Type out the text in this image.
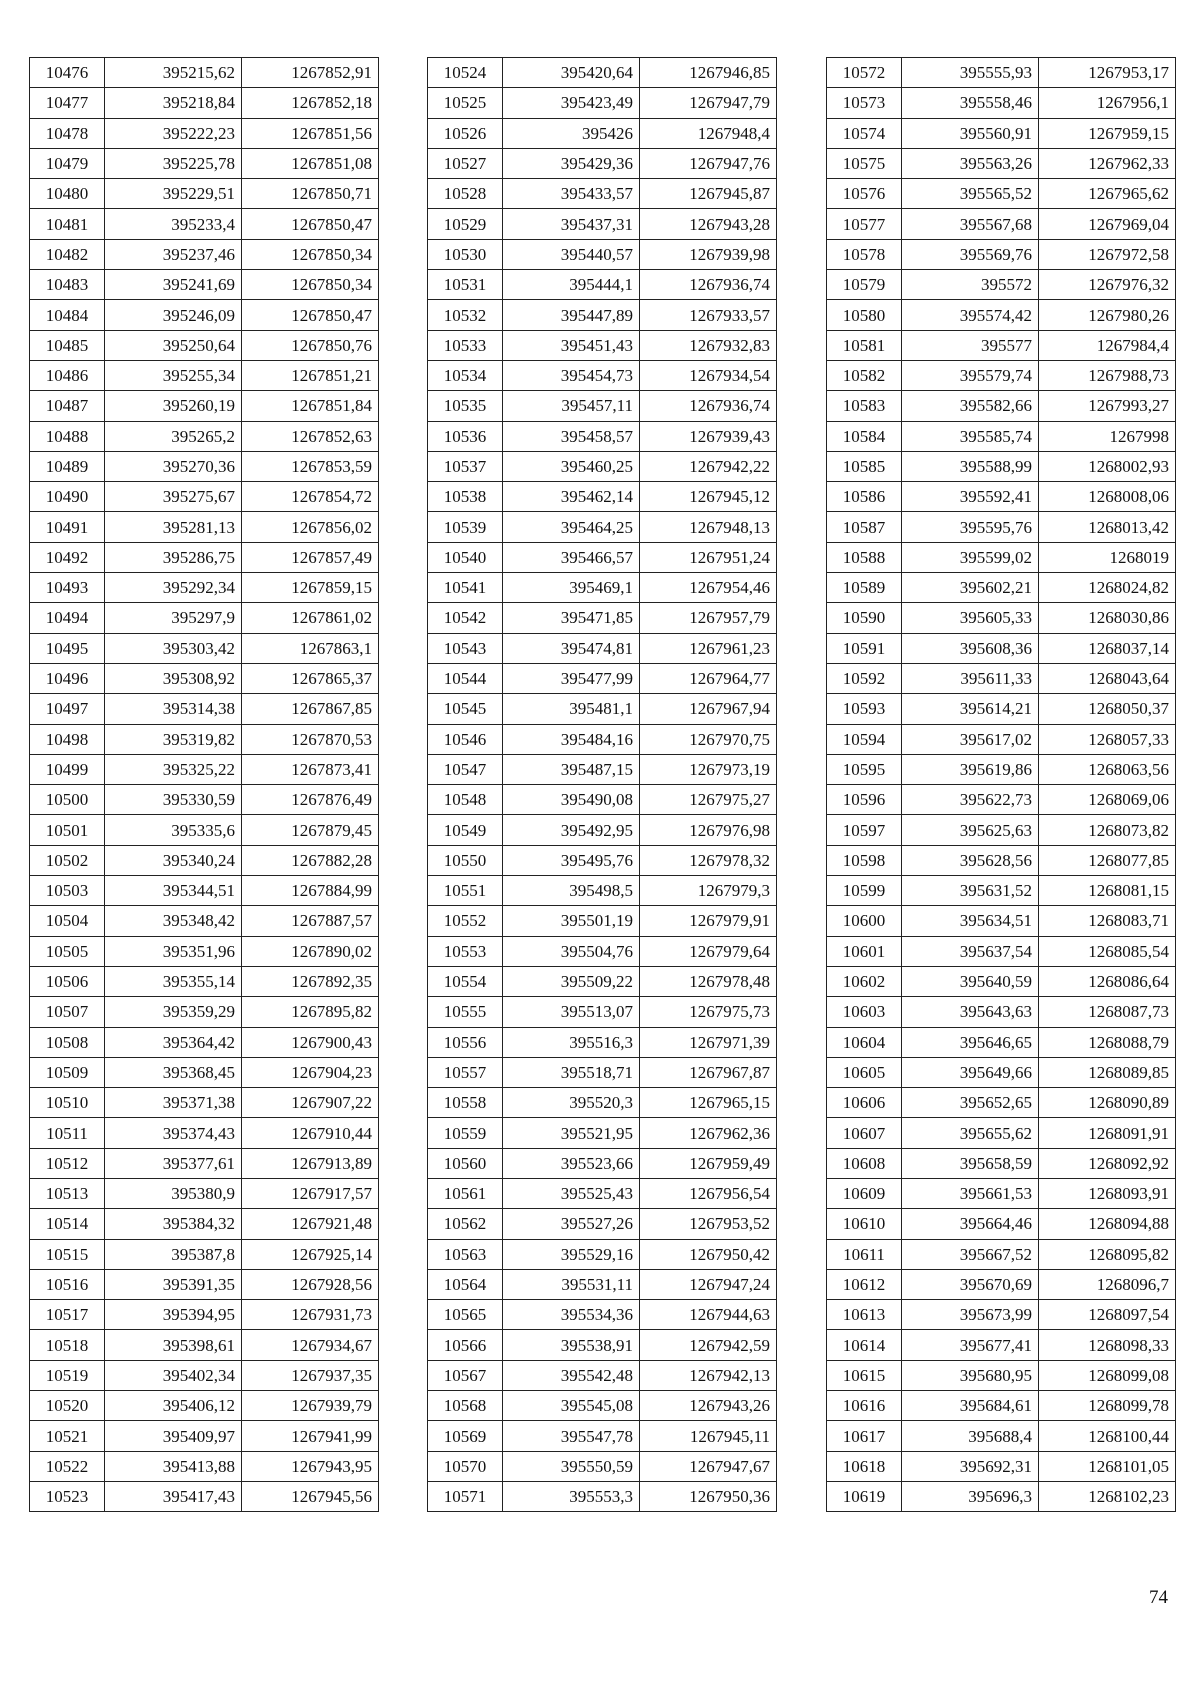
10476	395215,62	1267852,91
10477	395218,84	1267852,18
10478	395222,23	1267851,56
10479	395225,78	1267851,08
10480	395229,51	1267850,71
10481	395233,4	1267850,47
10482	395237,46	1267850,34
10483	395241,69	1267850,34
10484	395246,09	1267850,47
10485	395250,64	1267850,76
10486	395255,34	1267851,21
10487	395260,19	1267851,84
10488	395265,2	1267852,63
10489	395270,36	1267853,59
10490	395275,67	1267854,72
10491	395281,13	1267856,02
10492	395286,75	1267857,49
10493	395292,34	1267859,15
10494	395297,9	1267861,02
10495	395303,42	1267863,1
10496	395308,92	1267865,37
10497	395314,38	1267867,85
10498	395319,82	1267870,53
10499	395325,22	1267873,41
10500	395330,59	1267876,49
10501	395335,6	1267879,45
10502	395340,24	1267882,28
10503	395344,51	1267884,99
10504	395348,42	1267887,57
10505	395351,96	1267890,02
10506	395355,14	1267892,35
10507	395359,29	1267895,82
10508	395364,42	1267900,43
10509	395368,45	1267904,23
10510	395371,38	1267907,22
10511	395374,43	1267910,44
10512	395377,61	1267913,89
10513	395380,9	1267917,57
10514	395384,32	1267921,48
10515	395387,8	1267925,14
10516	395391,35	1267928,56
10517	395394,95	1267931,73
10518	395398,61	1267934,67
10519	395402,34	1267937,35
10520	395406,12	1267939,79
10521	395409,97	1267941,99
10522	395413,88	1267943,95
10523	395417,43	1267945,56
10524	395420,64	1267946,85
10525	395423,49	1267947,79
10526	395426	1267948,4
10527	395429,36	1267947,76
10528	395433,57	1267945,87
10529	395437,31	1267943,28
10530	395440,57	1267939,98
10531	395444,1	1267936,74
10532	395447,89	1267933,57
10533	395451,43	1267932,83
10534	395454,73	1267934,54
10535	395457,11	1267936,74
10536	395458,57	1267939,43
10537	395460,25	1267942,22
10538	395462,14	1267945,12
10539	395464,25	1267948,13
10540	395466,57	1267951,24
10541	395469,1	1267954,46
10542	395471,85	1267957,79
10543	395474,81	1267961,23
10544	395477,99	1267964,77
10545	395481,1	1267967,94
10546	395484,16	1267970,75
10547	395487,15	1267973,19
10548	395490,08	1267975,27
10549	395492,95	1267976,98
10550	395495,76	1267978,32
10551	395498,5	1267979,3
10552	395501,19	1267979,91
10553	395504,76	1267979,64
10554	395509,22	1267978,48
10555	395513,07	1267975,73
10556	395516,3	1267971,39
10557	395518,71	1267967,87
10558	395520,3	1267965,15
10559	395521,95	1267962,36
10560	395523,66	1267959,49
10561	395525,43	1267956,54
10562	395527,26	1267953,52
10563	395529,16	1267950,42
10564	395531,11	1267947,24
10565	395534,36	1267944,63
10566	395538,91	1267942,59
10567	395542,48	1267942,13
10568	395545,08	1267943,26
10569	395547,78	1267945,11
10570	395550,59	1267947,67
10571	395553,3	1267950,36
10572	395555,93	1267953,17
10573	395558,46	1267956,1
10574	395560,91	1267959,15
10575	395563,26	1267962,33
10576	395565,52	1267965,62
10577	395567,68	1267969,04
10578	395569,76	1267972,58
10579	395572	1267976,32
10580	395574,42	1267980,26
10581	395577	1267984,4
10582	395579,74	1267988,73
10583	395582,66	1267993,27
10584	395585,74	1267998
10585	395588,99	1268002,93
10586	395592,41	1268008,06
10587	395595,76	1268013,42
10588	395599,02	1268019
10589	395602,21	1268024,82
10590	395605,33	1268030,86
10591	395608,36	1268037,14
10592	395611,33	1268043,64
10593	395614,21	1268050,37
10594	395617,02	1268057,33
10595	395619,86	1268063,56
10596	395622,73	1268069,06
10597	395625,63	1268073,82
10598	395628,56	1268077,85
10599	395631,52	1268081,15
10600	395634,51	1268083,71
10601	395637,54	1268085,54
10602	395640,59	1268086,64
10603	395643,63	1268087,73
10604	395646,65	1268088,79
10605	395649,66	1268089,85
10606	395652,65	1268090,89
10607	395655,62	1268091,91
10608	395658,59	1268092,92
10609	395661,53	1268093,91
10610	395664,46	1268094,88
10611	395667,52	1268095,82
10612	395670,69	1268096,7
10613	395673,99	1268097,54
10614	395677,41	1268098,33
10615	395680,95	1268099,08
10616	395684,61	1268099,78
10617	395688,4	1268100,44
10618	395692,31	1268101,05
10619	395696,3	1268102,23
74
